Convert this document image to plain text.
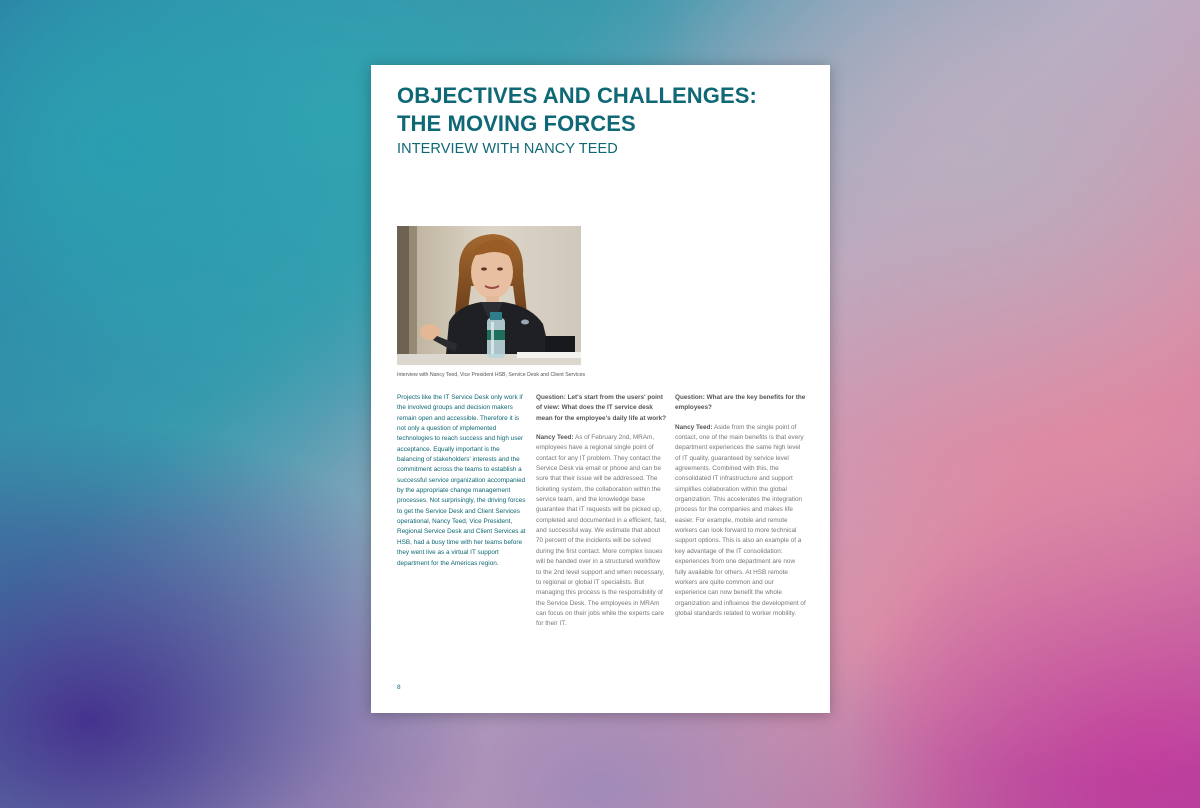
OBJECTIVES AND CHALLENGES:
THE MOVING FORCES
INTERVIEW WITH NANCY TEED
Interview with Nancy Teed, Vice President HSB, Service Desk and Client Services

Projects like the IT Service Desk only work if the involved groups and decision makers remain open and accessible. Therefore it is not only a question of implemented technologies to reach success and high user acceptance. Equally important is the balancing of stakeholders' interests and the commitment across the teams to establish a successful service organization accompanied by the appropriate change management processes. Not surprisingly, the driving forces to get the Service Desk and Client Services operational, Nancy Teed, Vice President, Regional Service Desk and Client Services at HSB, had a busy time with her teams before they went live as a virtual IT support department for the Americas region.

Question: Let's start from the users' point of view: What does the IT service desk mean for the employee's daily life at work?

Nancy Teed: As of February 2nd, MRAm, employees have a regional single point of contact for any IT problem. They contact the Service Desk via email or phone and can be sure that their issue will be addressed. The ticketing system, the collaboration within the service team, and the knowledge base guarantee that IT requests will be picked up, completed and documented in a efficient, fast, and successful way. We estimate that about 70 percent of the incidents will be solved during the first contact. More complex issues will be handed over in a structured workflow to the 2nd level support and when necessary, to regional or global IT specialists. But managing this process is the responsibility of the Service Desk. The employees in MRAm can focus on their jobs while the experts care for their IT.

Question: What are the key benefits for the employees?

Nancy Teed: Aside from the single point of contact, one of the main benefits is that every department experiences the same high level of IT quality, guaranteed by service level agreements. Combined with this, the consolidated IT infrastructure and support simplifies collaboration within the global organization. This accelerates the integration process for the companies and makes life easier. For example, mobile and remote workers can look forward to more technical support options. This is also an example of a key advantage of the IT consolidation: experiences from one department are now fully available for others. At HSB remote workers are quite common and our experience can now benefit the whole organization and influence the development of global standards related to worker mobility.

8
